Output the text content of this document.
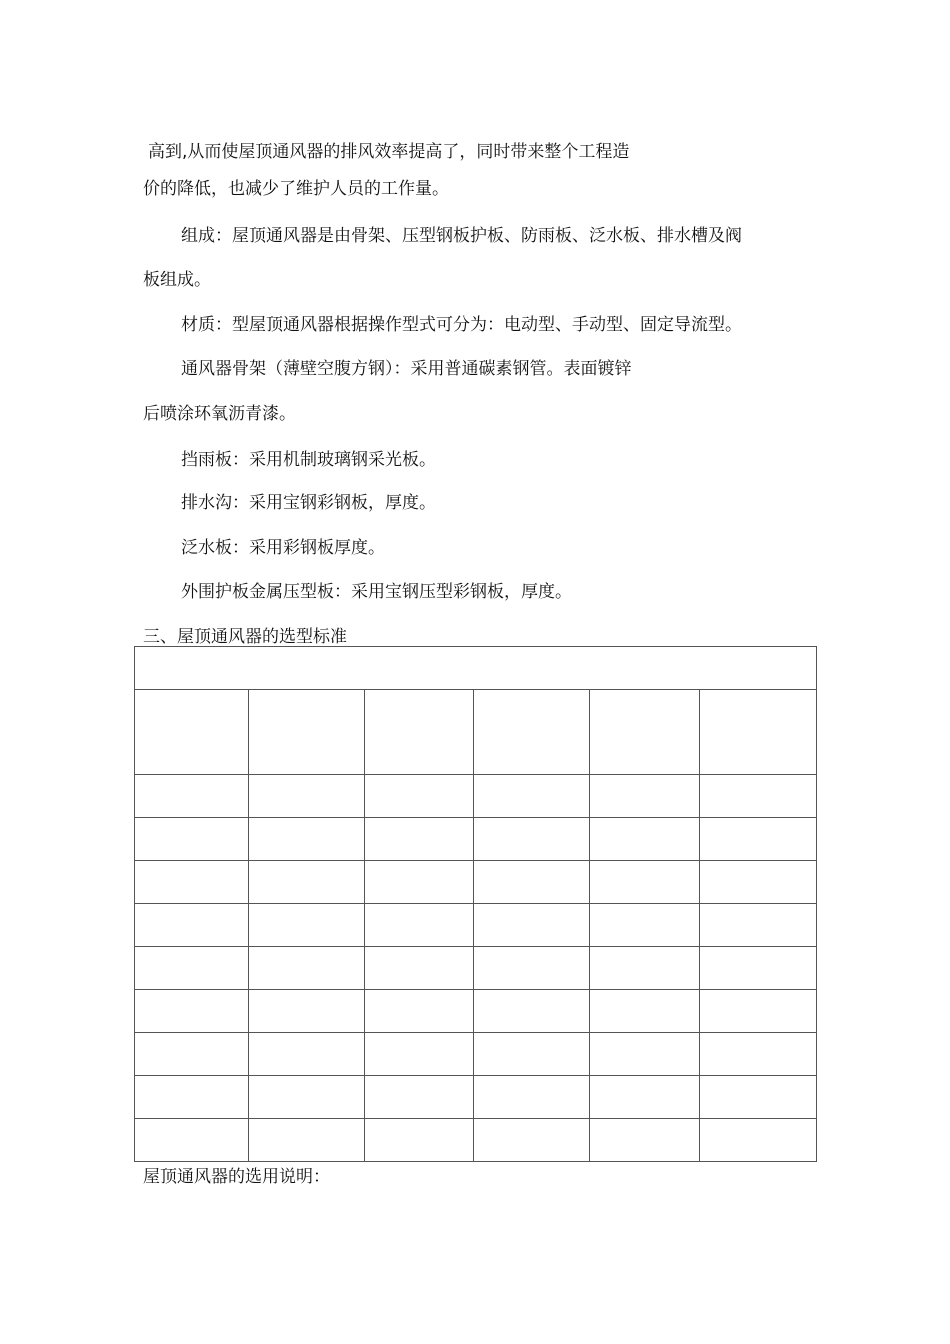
高到,从而使屋顶通风器的排风效率提高了，同时带来整个工程造
价的降低，也减少了维护人员的工作量。
组成：屋顶通风器是由骨架、压型钢板护板、防雨板、泛水板、排水槽及阀
板组成。
材质：型屋顶通风器根据操作型式可分为：电动型、手动型、固定导流型。
通风器骨架（薄壁空腹方钢）：采用普通碳素钢管。表面镀锌
后喷涂环氧沥青漆。
挡雨板：采用机制玻璃钢采光板。
排水沟：采用宝钢彩钢板，厚度。
泛水板：采用彩钢板厚度。
外围护板金属压型板：采用宝钢压型彩钢板，厚度。
三、屋顶通风器的选型标准

屋顶通风器的选用说明：
